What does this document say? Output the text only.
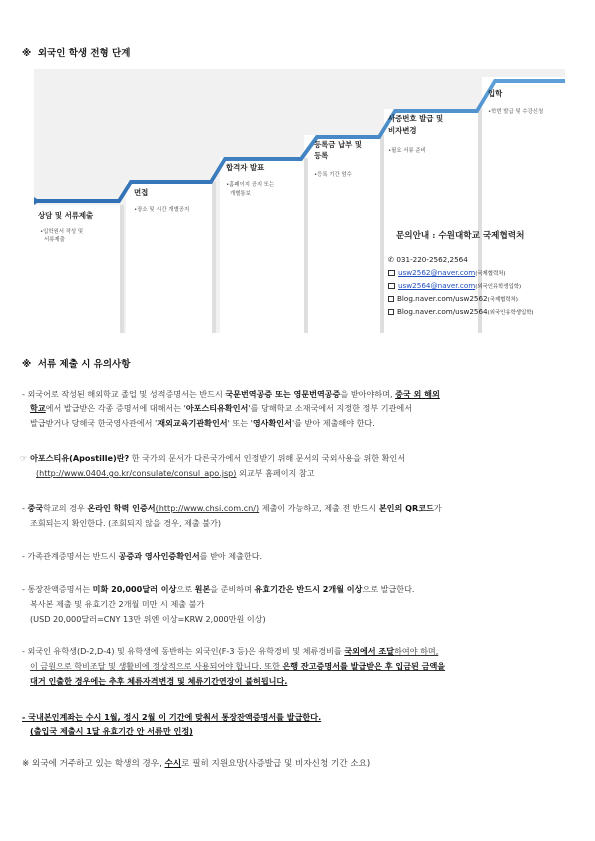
※ 외국인 학생 전형 단계
상담 및 서류제출
•입학원서 작성 및
서류제출
면접
•장소 및 시간 개별공지
합격자 발표
•홈페이지 공지 또는
개별통보
등록금 납부 및
등록
•등록 기간 엄수
사증번호 발급 및
비자변경
•필요 서류 준비
입학
•학번 발급 및 수강신청
문의안내 : 수원대학교 국제협력처
✆ 031-220-2562,2564
usw2562@naver.com(국제협력처)
usw2564@naver.com(외국인유학생입학)
Blog.naver.com/usw2562(국제협력처)
Blog.naver.com/usw2564(외국인유학생입학)
※ 서류 제출 시 유의사항
- 외국어로 작성된 해외학교 졸업 및 성적증명서는 반드시 국문번역공증 또는 영문번역공증을 받아야하며, 중국 외 해외
학교에서 발급받은 각종 증명서에 대해서는 '아포스티유확인서'를 당해학교 소재국에서 지정한 정부 기관에서
발급받거나 당해국 한국영사관에서 '재외교육기관확인서' 또는 '영사확인서'를 받아 제출해야 한다.
☞ 아포스티유(Apostille)란? 한 국가의 문서가 다른국가에서 인정받기 위해 문서의 국외사용을 위한 확인서
(http://www.0404.go.kr/consulate/consul_apo.jsp) 외교부 홈페이지 참고
- 중국학교의 경우 온라인 학력 인증서(http://www.chsi.com.cn/) 제출이 가능하고, 제출 전 반드시 본인의 QR코드가
조회되는지 확인한다. (조회되지 않을 경우, 제출 불가)
- 가족관계증명서는 반드시 공증과 영사인증확인서를 받아 제출한다.
- 통장잔액증명서는 미화 20,000달러 이상으로 원본을 준비하며 유효기간은 반드시 2개월 이상으로 발급한다.
복사본 제출 및 유효기간 2개월 미만 시 제출 불가
(USD 20,000달러=CNY 13만 위엔 이상=KRW 2,000만원 이상)
- 외국인 유학생(D-2,D-4) 및 유학생에 동반하는 외국인(F-3 등)은 유학경비 및 체류경비를 국외에서 조달하여야 하며,
이 금원으로 학비조달 및 생활비에 정상적으로 사용되어야 합니다. 또한 은행 잔고증명서를 발급받은 후 입금된 금액을
대거 인출한 경우에는 추후 체류자격변경 및 체류기간연장이 불허됩니다.
- 국내본인계좌는 수시 1월, 정시 2월 이 기간에 맞춰서 통장잔액증명서를 발급한다.
(출입국 제출시 1달 유효기간 안 서류만 인정)
※ 외국에 거주하고 있는 학생의 경우, 수시로 필히 지원요망(사증발급 및 비자신청 기간 소요)
